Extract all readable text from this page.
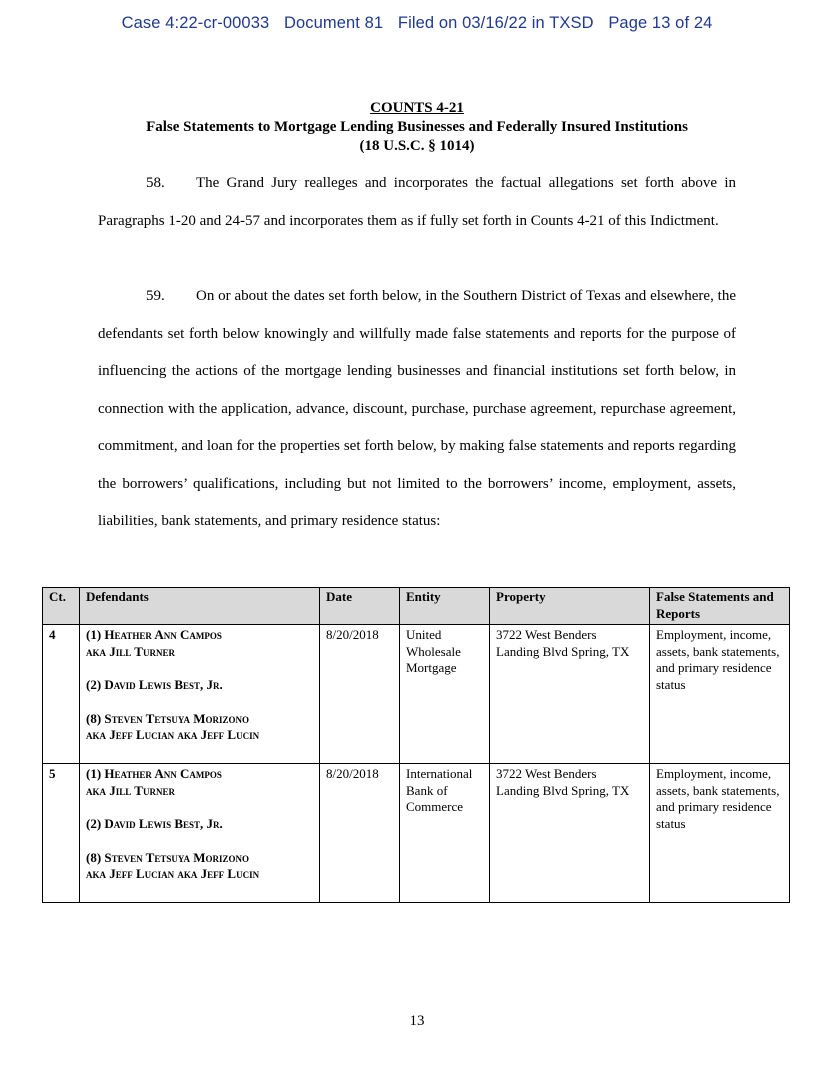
Case 4:22-cr-00033 Document 81 Filed on 03/16/22 in TXSD Page 13 of 24
COUNTS 4-21
False Statements to Mortgage Lending Businesses and Federally Insured Institutions
(18 U.S.C. § 1014)

58. The Grand Jury realleges and incorporates the factual allegations set forth above in Paragraphs 1-20 and 24-57 and incorporates them as if fully set forth in Counts 4-21 of this Indictment.

59. On or about the dates set forth below, in the Southern District of Texas and elsewhere, the defendants set forth below knowingly and willfully made false statements and reports for the purpose of influencing the actions of the mortgage lending businesses and financial institutions set forth below, in connection with the application, advance, discount, purchase, purchase agreement, repurchase agreement, commitment, and loan for the properties set forth below, by making false statements and reports regarding the borrowers’ qualifications, including but not limited to the borrowers’ income, employment, assets, liabilities, bank statements, and primary residence status:

Ct.	Defendants	Date	Entity	Property	False Statements and Reports
4	(1) Heather Ann Campos
aka Jill Turner
(2) David Lewis Best, Jr.
(8) Steven Tetsuya Morizono
aka Jeff Lucian aka Jeff Lucin	8/20/2018	United Wholesale Mortgage	3722 West Benders Landing Blvd Spring, TX	Employment, income, assets, bank statements, and primary residence status
5	(1) Heather Ann Campos
aka Jill Turner
(2) David Lewis Best, Jr.
(8) Steven Tetsuya Morizono
aka Jeff Lucian aka Jeff Lucin	8/20/2018	International Bank of Commerce	3722 West Benders Landing Blvd Spring, TX	Employment, income, assets, bank statements, and primary residence status
13
